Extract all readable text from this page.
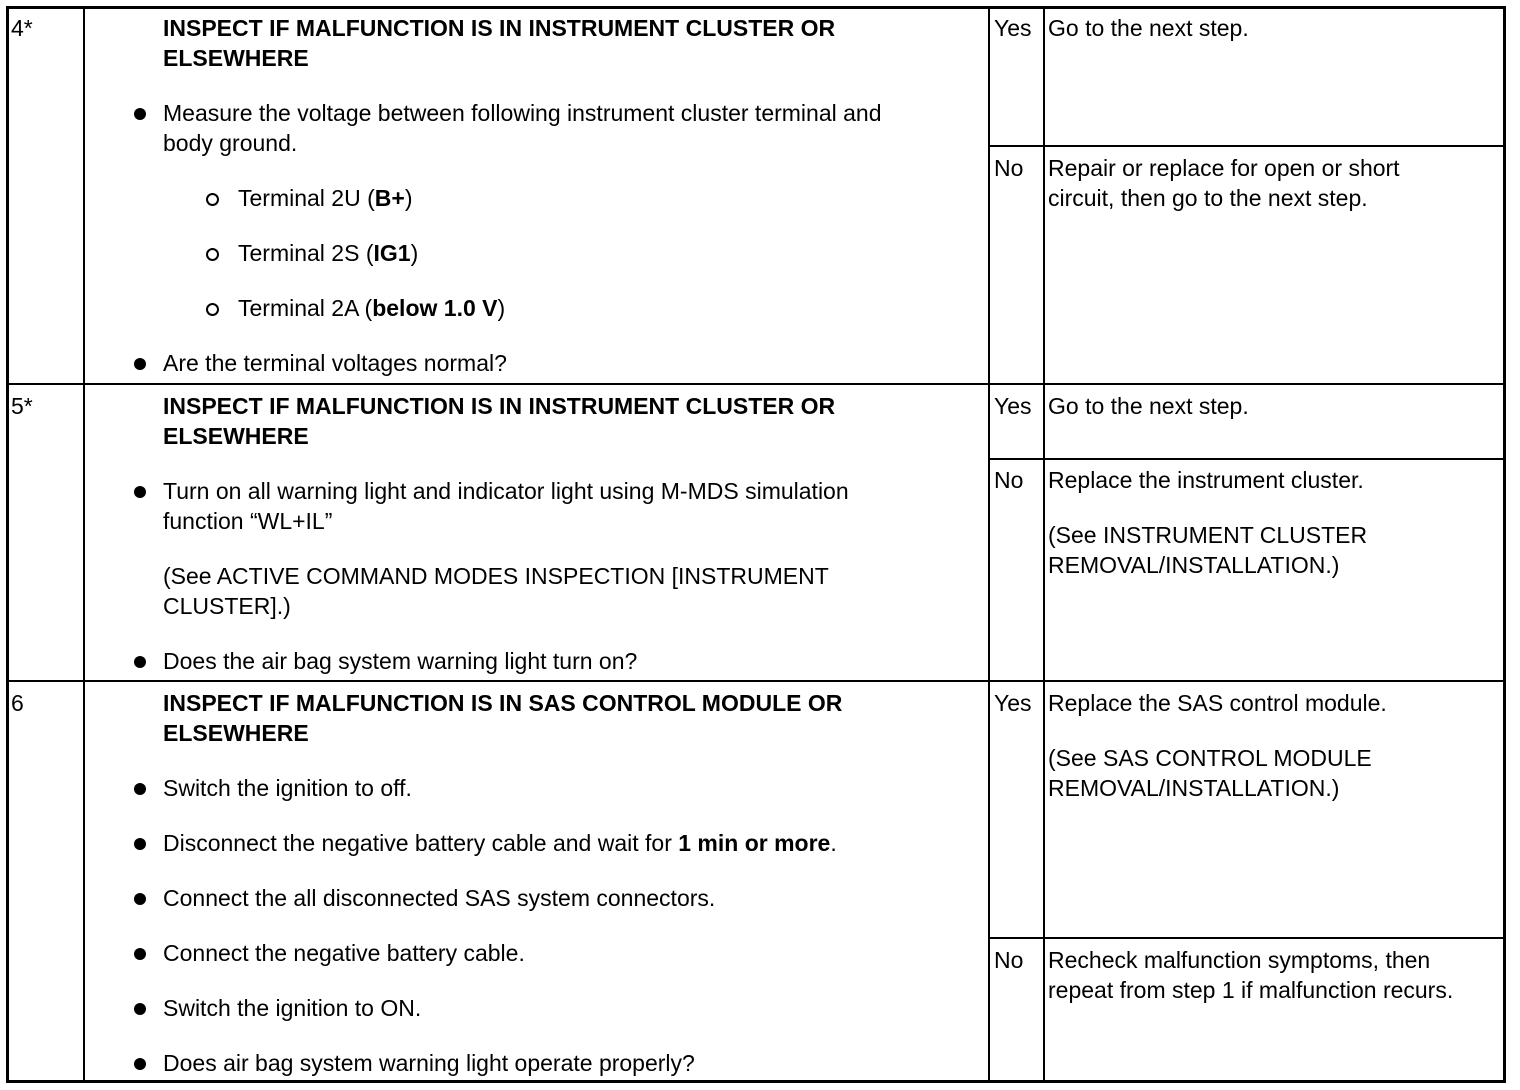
4*	INSPECT IF MALFUNCTION IS IN INSTRUMENT CLUSTER OR
ELSEWHERE
Measure the voltage between following instrument cluster terminal and
body ground.
Terminal 2U (B+)
Terminal 2S (IG1)
Terminal 2A (below 1.0 V)
Are the terminal voltages normal?
Yes Go to the next step.
No Repair or replace for open or short
circuit, then go to the next step.
5*	INSPECT IF MALFUNCTION IS IN INSTRUMENT CLUSTER OR
ELSEWHERE
Turn on all warning light and indicator light using M-MDS simulation
function “WL+IL”
(See ACTIVE COMMAND MODES INSPECTION [INSTRUMENT
CLUSTER].)
Does the air bag system warning light turn on?
Yes Go to the next step.
No Replace the instrument cluster.
(See INSTRUMENT CLUSTER
REMOVAL/INSTALLATION.)
6	INSPECT IF MALFUNCTION IS IN SAS CONTROL MODULE OR
ELSEWHERE
Switch the ignition to off.
Disconnect the negative battery cable and wait for 1 min or more.
Connect the all disconnected SAS system connectors.
Connect the negative battery cable.
Switch the ignition to ON.
Does air bag system warning light operate properly?
Yes Replace the SAS control module.
(See SAS CONTROL MODULE
REMOVAL/INSTALLATION.)
No Recheck malfunction symptoms, then
repeat from step 1 if malfunction recurs.
